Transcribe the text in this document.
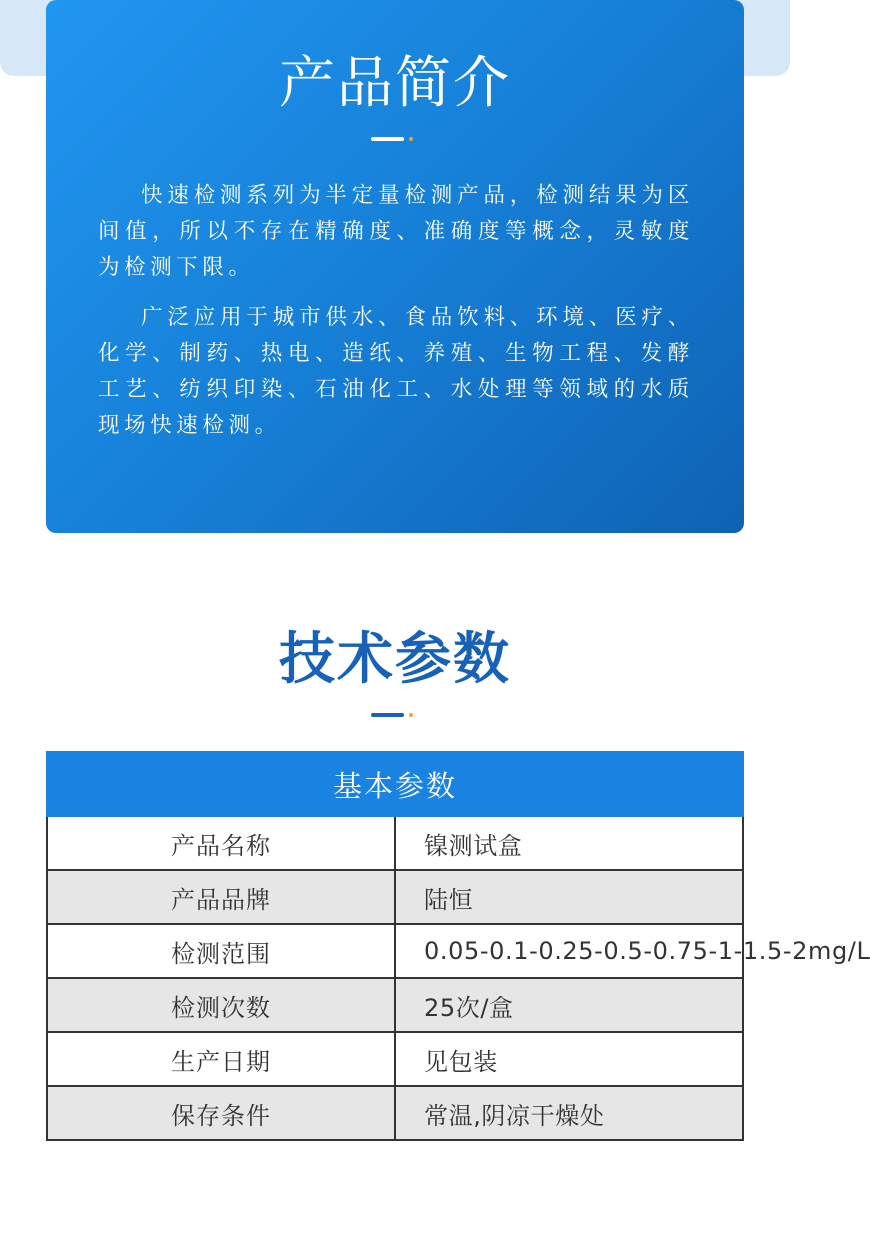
产品简介

快速检测系列为半定量检测产品，检测结果为区间值，所以不存在精确度、准确度等概念，灵敏度为检测下限。

广泛应用于城市供水、食品饮料、环境、医疗、化学、制药、热电、造纸、养殖、生物工程、发酵工艺、纺织印染、石油化工、水处理等领域的水质现场快速检测。

技术参数
基本参数	
产品名称	镍测试盒
产品品牌	陆恒
检测范围	0.05-0.1-0.25-0.5-0.75-1-1.5-2mg/L
检测次数	25次/盒
生产日期	见包装
保存条件	常温,阴凉干燥处
